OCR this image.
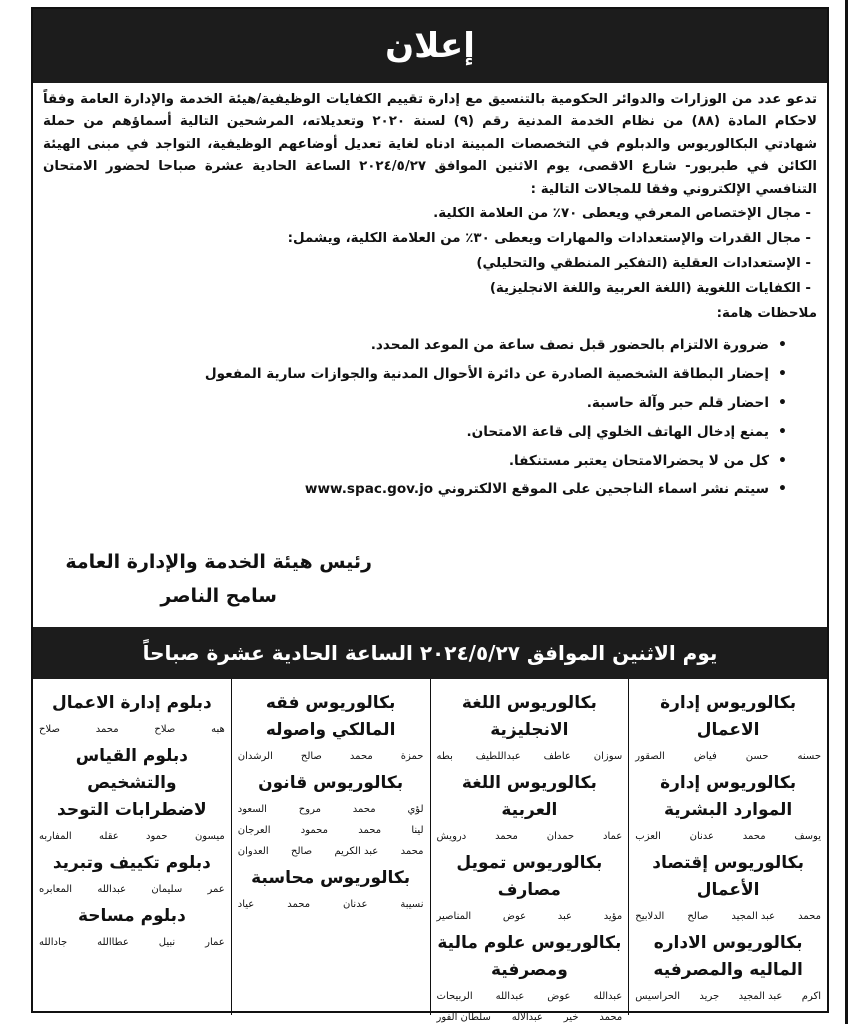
إعلان

تدعو عدد من الوزارات والدوائر الحكومية بالتنسيق مع إدارة تقييم الكفايات الوظيفية/هيئة الخدمة والإدارة العامة وفقاً لاحكام المادة (٨٨) من نظام الخدمة المدنية رقم (٩) لسنة ٢٠٢٠ وتعديلاته، المرشحين التالية أسماؤهم من حملة شهادتي البكالوريوس والدبلوم في التخصصات المبينة ادناه لغاية تعديل أوضاعهم الوظيفية، التواجد في مبنى الهيئة الكائن في طبربور- شارع الاقصى، يوم الاثنين الموافق ٢٠٢٤/٥/٢٧ الساعة الحادية عشرة صباحا لحضور الامتحان التنافسي الإلكتروني وفقا للمجالات التالية :

- مجال الإختصاص المعرفي ويعطى ٧٠٪ من العلامة الكلية.
- مجال القدرات والإستعدادات والمهارات ويعطى ٣٠٪ من العلامة الكلية، ويشمل:
- الإستعدادات العقلية (التفكير المنطقي والتحليلي)
- الكفايات اللغوية (اللغة العربية واللغة الانجليزية)
ملاحظات هامة:
• ضرورة الالتزام بالحضور قبل نصف ساعة من الموعد المحدد.
• إحضار البطاقة الشخصية الصادرة عن دائرة الأحوال المدنية والجوازات سارية المفعول
• احضار قلم حبر وآلة حاسبة.
• يمنع إدخال الهاتف الخلوي إلى قاعة الامتحان.
• كل من لا يحضرالامتحان يعتبر مستنكفا.
• سيتم نشر اسماء الناجحين على الموقع الالكتروني www.spac.gov.jo
رئيس هيئة الخدمة والإدارة العامة
سامح الناصر
يوم الاثنين الموافق ٢٠٢٤/٥/٢٧ الساعة الحادية عشرة صباحاً
بكالوريوس إدارة الاعمال
حسنه
حسن
فياض
الصقور
بكالوريوس إدارة الموارد البشرية
يوسف
محمد
عدنان
العزب
بكالوريوس إقتصاد الأعمال
محمد
عبد المجيد
صالح
الدلابيح
بكالوريوس الاداره الماليه والمصرفيه
اكرم
عبد المجيد
جريد
الحراسيس
بكالوريوس اللغة الانجليزية
سوزان
عاطف
عبداللطيف
بطه
بكالوريوس اللغة العربية
عماد
حمدان
محمد
درويش
بكالوريوس تمويل مصارف
مؤيد
عبد
عوض
المناصير
بكالوريوس علوم مالية ومصرفية
عبدالله
عوض
عبدالله
الربيحات
محمد
خير
عبدالاله
سلطان الفور
بكالوريوس فقه المالكي واصوله
حمزة
محمد
صالح
الرشدان
بكالوريوس قانون
لؤي
محمد
مروح
السعود
لينا
محمد
محمود
العرجان
محمد
عبد الكريم
صالح
العدوان
بكالوريوس محاسبة
نسيبة
عدنان
محمد
عياد
دبلوم إدارة الاعمال
هبه
صلاح
محمد
صلاح
دبلوم القياس والتشخيص لاضطرابات التوحد
ميسون
حمود
عقله
المفاربه
دبلوم تكييف وتبريد
عمر
سليمان
عبدالله
المعابره
دبلوم مساحة
عمار
نبيل
عطاالله
جادالله
